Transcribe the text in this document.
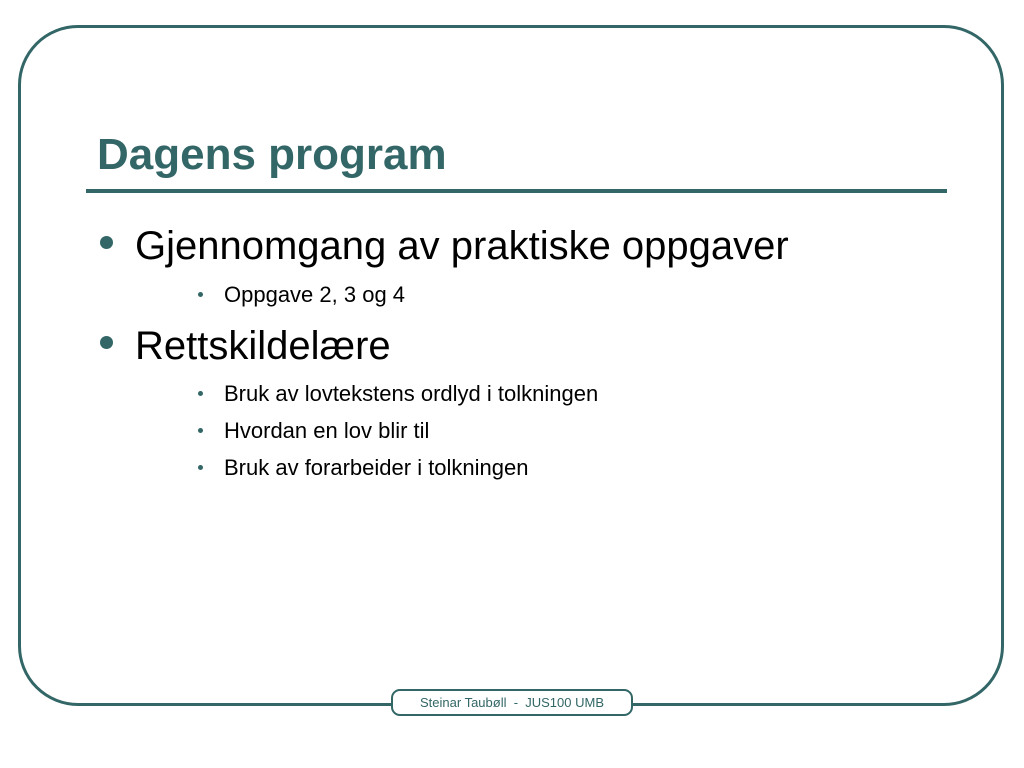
Dagens program
Gjennomgang av praktiske oppgaver
Oppgave 2, 3 og 4
Rettskildelære
Bruk av lovtekstens ordlyd i tolkningen
Hvordan en lov blir til
Bruk av forarbeider i tolkningen
Steinar Taubøll  -  JUS100 UMB
